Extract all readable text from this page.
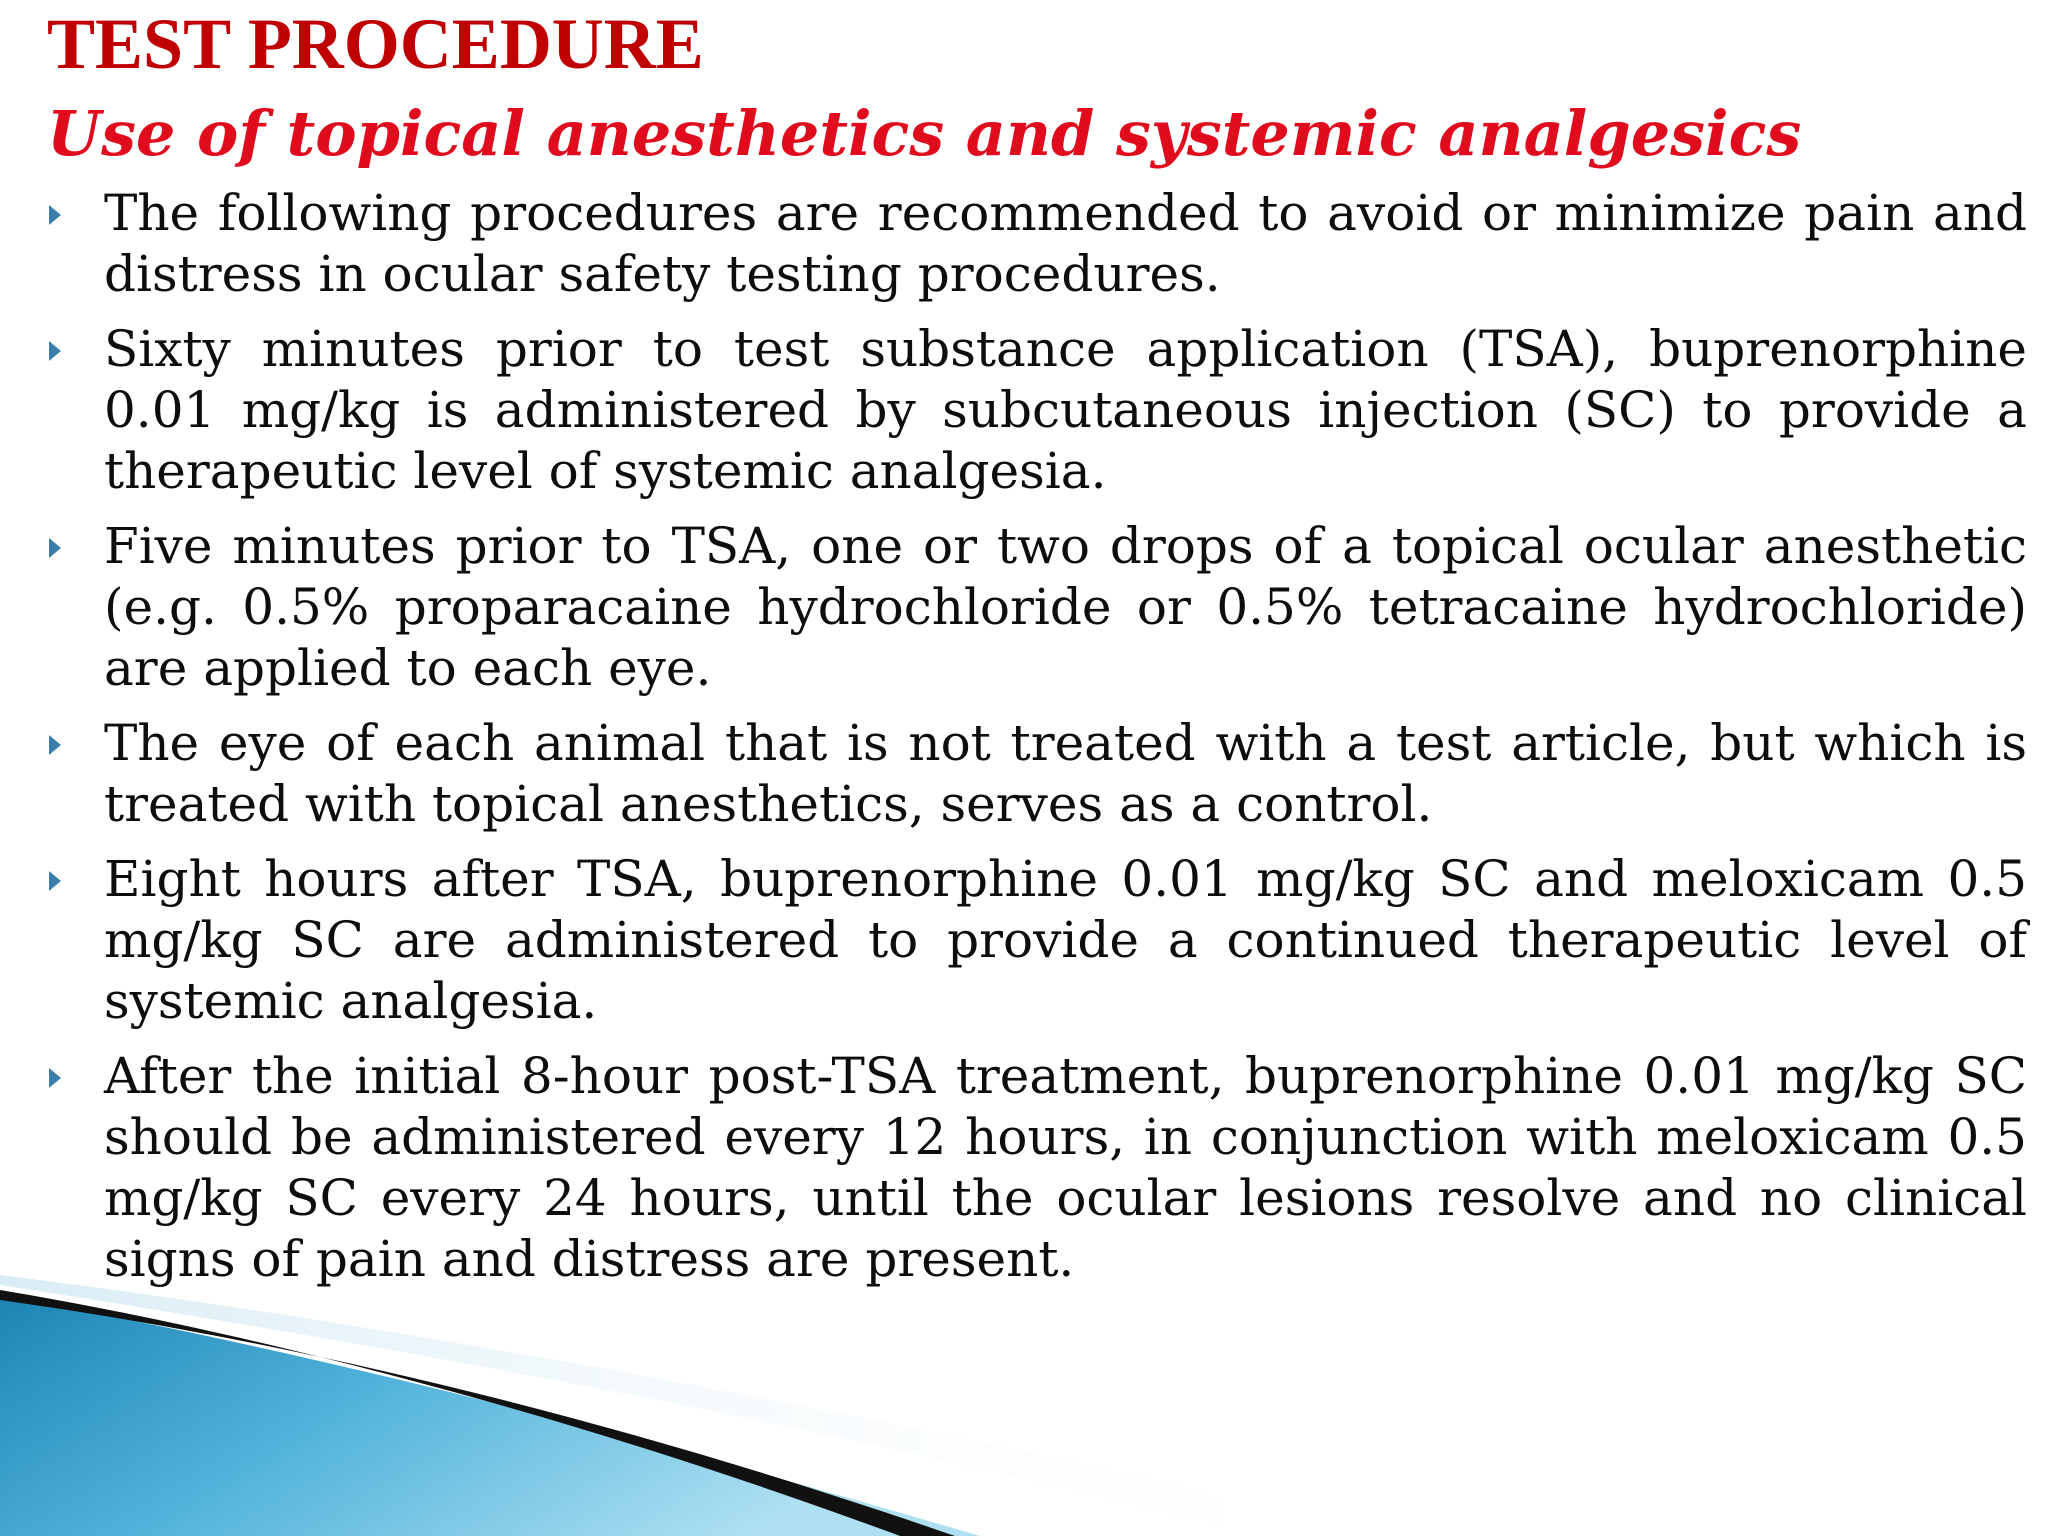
TEST PROCEDURE
Use of topical anesthetics and systemic analgesics
The following procedures are recommended to avoid or minimize pain and distress in ocular safety testing procedures.
Sixty minutes prior to test substance application (TSA), buprenorphine 0.01 mg/kg is administered by subcutaneous injection (SC) to provide a therapeutic level of systemic analgesia.
Five minutes prior to TSA, one or two drops of a topical ocular anesthetic (e.g. 0.5% proparacaine hydrochloride or 0.5% tetracaine hydrochloride) are applied to each eye.
The eye of each animal that is not treated with a test article, but which is treated with topical anesthetics, serves as a control.
Eight hours after TSA, buprenorphine 0.01 mg/kg SC and meloxicam 0.5 mg/kg SC are administered to provide a continued therapeutic level of systemic analgesia.
After the initial 8-hour post-TSA treatment, buprenorphine 0.01 mg/kg SC should be administered every 12 hours, in conjunction with meloxicam 0.5 mg/kg SC every 24 hours, until the ocular lesions resolve and no clinical signs of pain and distress are present.
